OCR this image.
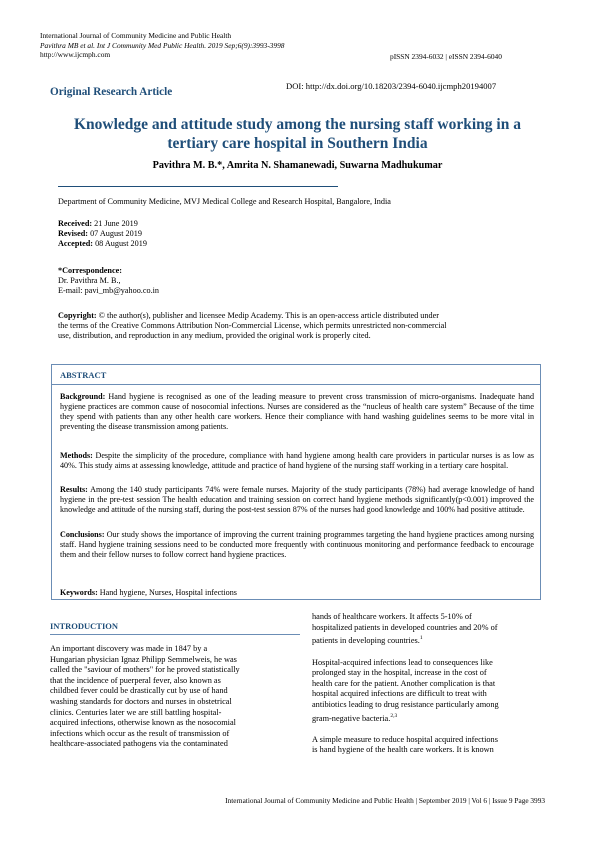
International Journal of Community Medicine and Public Health
Pavithra MB et al. Int J Community Med Public Health. 2019 Sep;6(9):3993-3998
http://www.ijcmph.com	pISSN 2394-6032 | eISSN 2394-6040
DOI: http://dx.doi.org/10.18203/2394-6040.ijcmph20194007
Original Research Article
Knowledge and attitude study among the nursing staff working in a
tertiary care hospital in Southern India
Pavithra M. B.*, Amrita N. Shamanewadi, Suwarna Madhukumar
Department of Community Medicine, MVJ Medical College and Research Hospital, Bangalore, India
Received: 21 June 2019
Revised: 07 August 2019
Accepted: 08 August 2019
*Correspondence:
Dr. Pavithra M. B.,
E-mail: pavi_mb@yahoo.co.in
Copyright: © the author(s), publisher and licensee Medip Academy. This is an open-access article distributed under
the terms of the Creative Commons Attribution Non-Commercial License, which permits unrestricted non-commercial
use, distribution, and reproduction in any medium, provided the original work is properly cited.
ABSTRACT
Background: Hand hygiene is recognised as one of the leading measure to prevent cross transmission of micro-organisms. Inadequate hand hygiene practices are common cause of nosocomial infections. Nurses are considered as the “nucleus of health care system” Because of the time they spend with patients than any other health care workers. Hence their compliance with hand washing guidelines seems to be more vital in preventing the disease transmission among patients.
Methods: Despite the simplicity of the procedure, compliance with hand hygiene among health care providers in particular nurses is as low as 40%. This study aims at assessing knowledge, attitude and practice of hand hygiene of the nursing staff working in a tertiary care hospital.
Results: Among the 140 study participants 74% were female nurses. Majority of the study participants (78%) had average knowledge of hand hygiene in the pre-test session The health education and training session on correct hand hygiene methods significantly(p<0.001) improved the knowledge and attitude of the nursing staff, during the post-test session 87% of the nurses had good knowledge and 100% had positive attitude.
Conclusions: Our study shows the importance of improving the current training programmes targeting the hand hygiene practices among nursing staff. Hand hygiene training sessions need to be conducted more frequently with continuous monitoring and performance feedback to encourage them and their fellow nurses to follow correct hand hygiene practices.
Keywords: Hand hygiene, Nurses, Hospital infections
INTRODUCTION
An important discovery was made in 1847 by a
Hungarian physician Ignaz Philipp Semmelweis, he was
called the "saviour of mothers" for he proved statistically
that the incidence of puerperal fever, also known as
childbed fever could be drastically cut by use of hand
washing standards for doctors and nurses in obstetrical
clinics. Centuries later we are still battling hospital-
acquired infections, otherwise known as the nosocomial
infections which occur as the result of transmission of
healthcare-associated pathogens via the contaminated
hands of healthcare workers. It affects 5-10% of
hospitalized patients in developed countries and 20% of
patients in developing countries.$^1$
Hospital-acquired infections lead to consequences like
prolonged stay in the hospital, increase in the cost of
health care for the patient. Another complication is that
hospital acquired infections are difficult to treat with
antibiotics leading to drug resistance particularly among
gram-negative bacteria.$^{2,3}$
A simple measure to reduce hospital acquired infections
is hand hygiene of the health care workers. It is known
International Journal of Community Medicine and Public Health | September 2019 | Vol 6 | Issue 9 Page 3993
